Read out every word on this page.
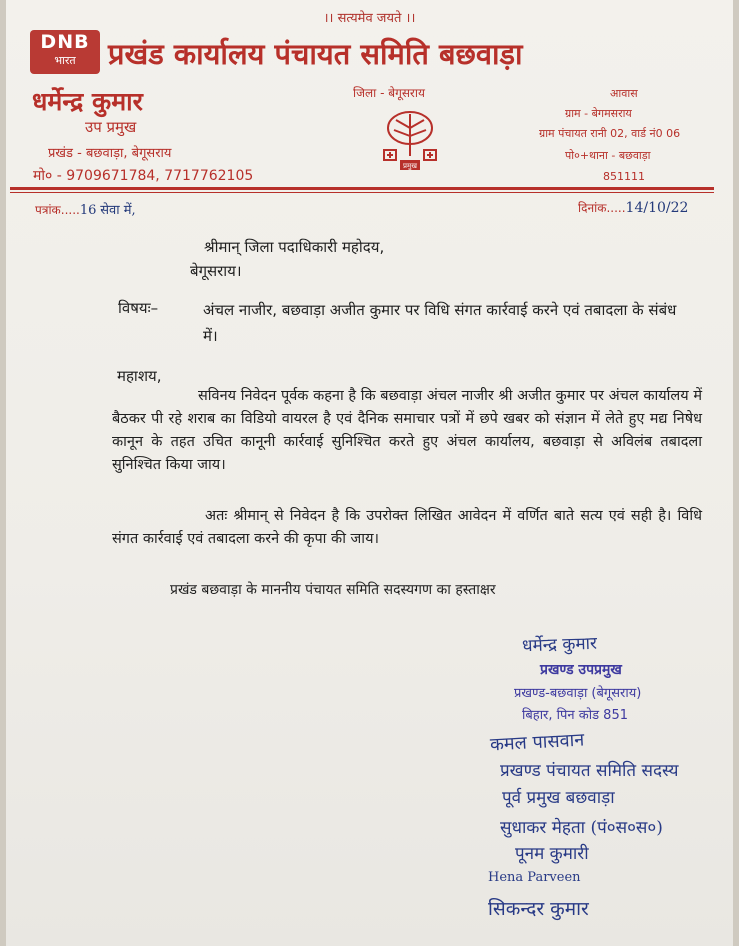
।। सत्यमेव जयते ।।
DNB
भारत	प्रखंड कार्यालय पंचायत समिति बछवाड़ा
धर्मेन्द्र कुमार
उप प्रमुख
प्रखंड - बछवाड़ा, बेगूसराय
मो० - 9709671784, 7717762105
जिला - बेगूसराय
प्रमुख
आवास
ग्राम - बेगमसराय
ग्राम पंचायत रानी 02, वार्ड नं0 06
पो०+थाना - बछवाड़ा
851111
पत्रांक.....16 सेवा में,	दिनांक.....14/10/22
श्रीमान् जिला पदाधिकारी महोदय,
बेगूसराय।
विषयः–	अंचल नाजीर, बछवाड़ा अजीत कुमार पर विधि संगत कार्रवाई करने एवं तबादला के संबंध में।
महाशय,
सविनय निवेदन पूर्वक कहना है कि बछवाड़ा अंचल नाजीर श्री अजीत कुमार पर अंचल कार्यालय में बैठकर पी रहे शराब का विडियो वायरल है एवं दैनिक समाचार पत्रों में छपे खबर को संज्ञान में लेते हुए मद्य निषेध कानून के तहत उचित कानूनी कार्रवाई सुनिश्चित करते हुए अंचल कार्यालय, बछवाड़ा से अविलंब तबादला सुनिश्चित किया जाय।
अतः श्रीमान् से निवेदन है कि उपरोक्त लिखित आवेदन में वर्णित बाते सत्य एवं सही है। विधि संगत कार्रवाई एवं तबादला करने की कृपा की जाय।
प्रखंड बछवाड़ा के माननीय पंचायत समिति सदस्यगण का हस्ताक्षर
धर्मेन्द्र कुमार
प्रखण्ड उपप्रमुख
प्रखण्ड-बछवाड़ा (बेगूसराय)
बिहार, पिन कोड 851
कमल पासवान
प्रखण्ड पंचायत समिति सदस्य
पूर्व प्रमुख बछवाड़ा
सुधाकर मेहता (पं०स०स०)
पूनम कुमारी
Hena Parveen
सिकन्दर कुमार
